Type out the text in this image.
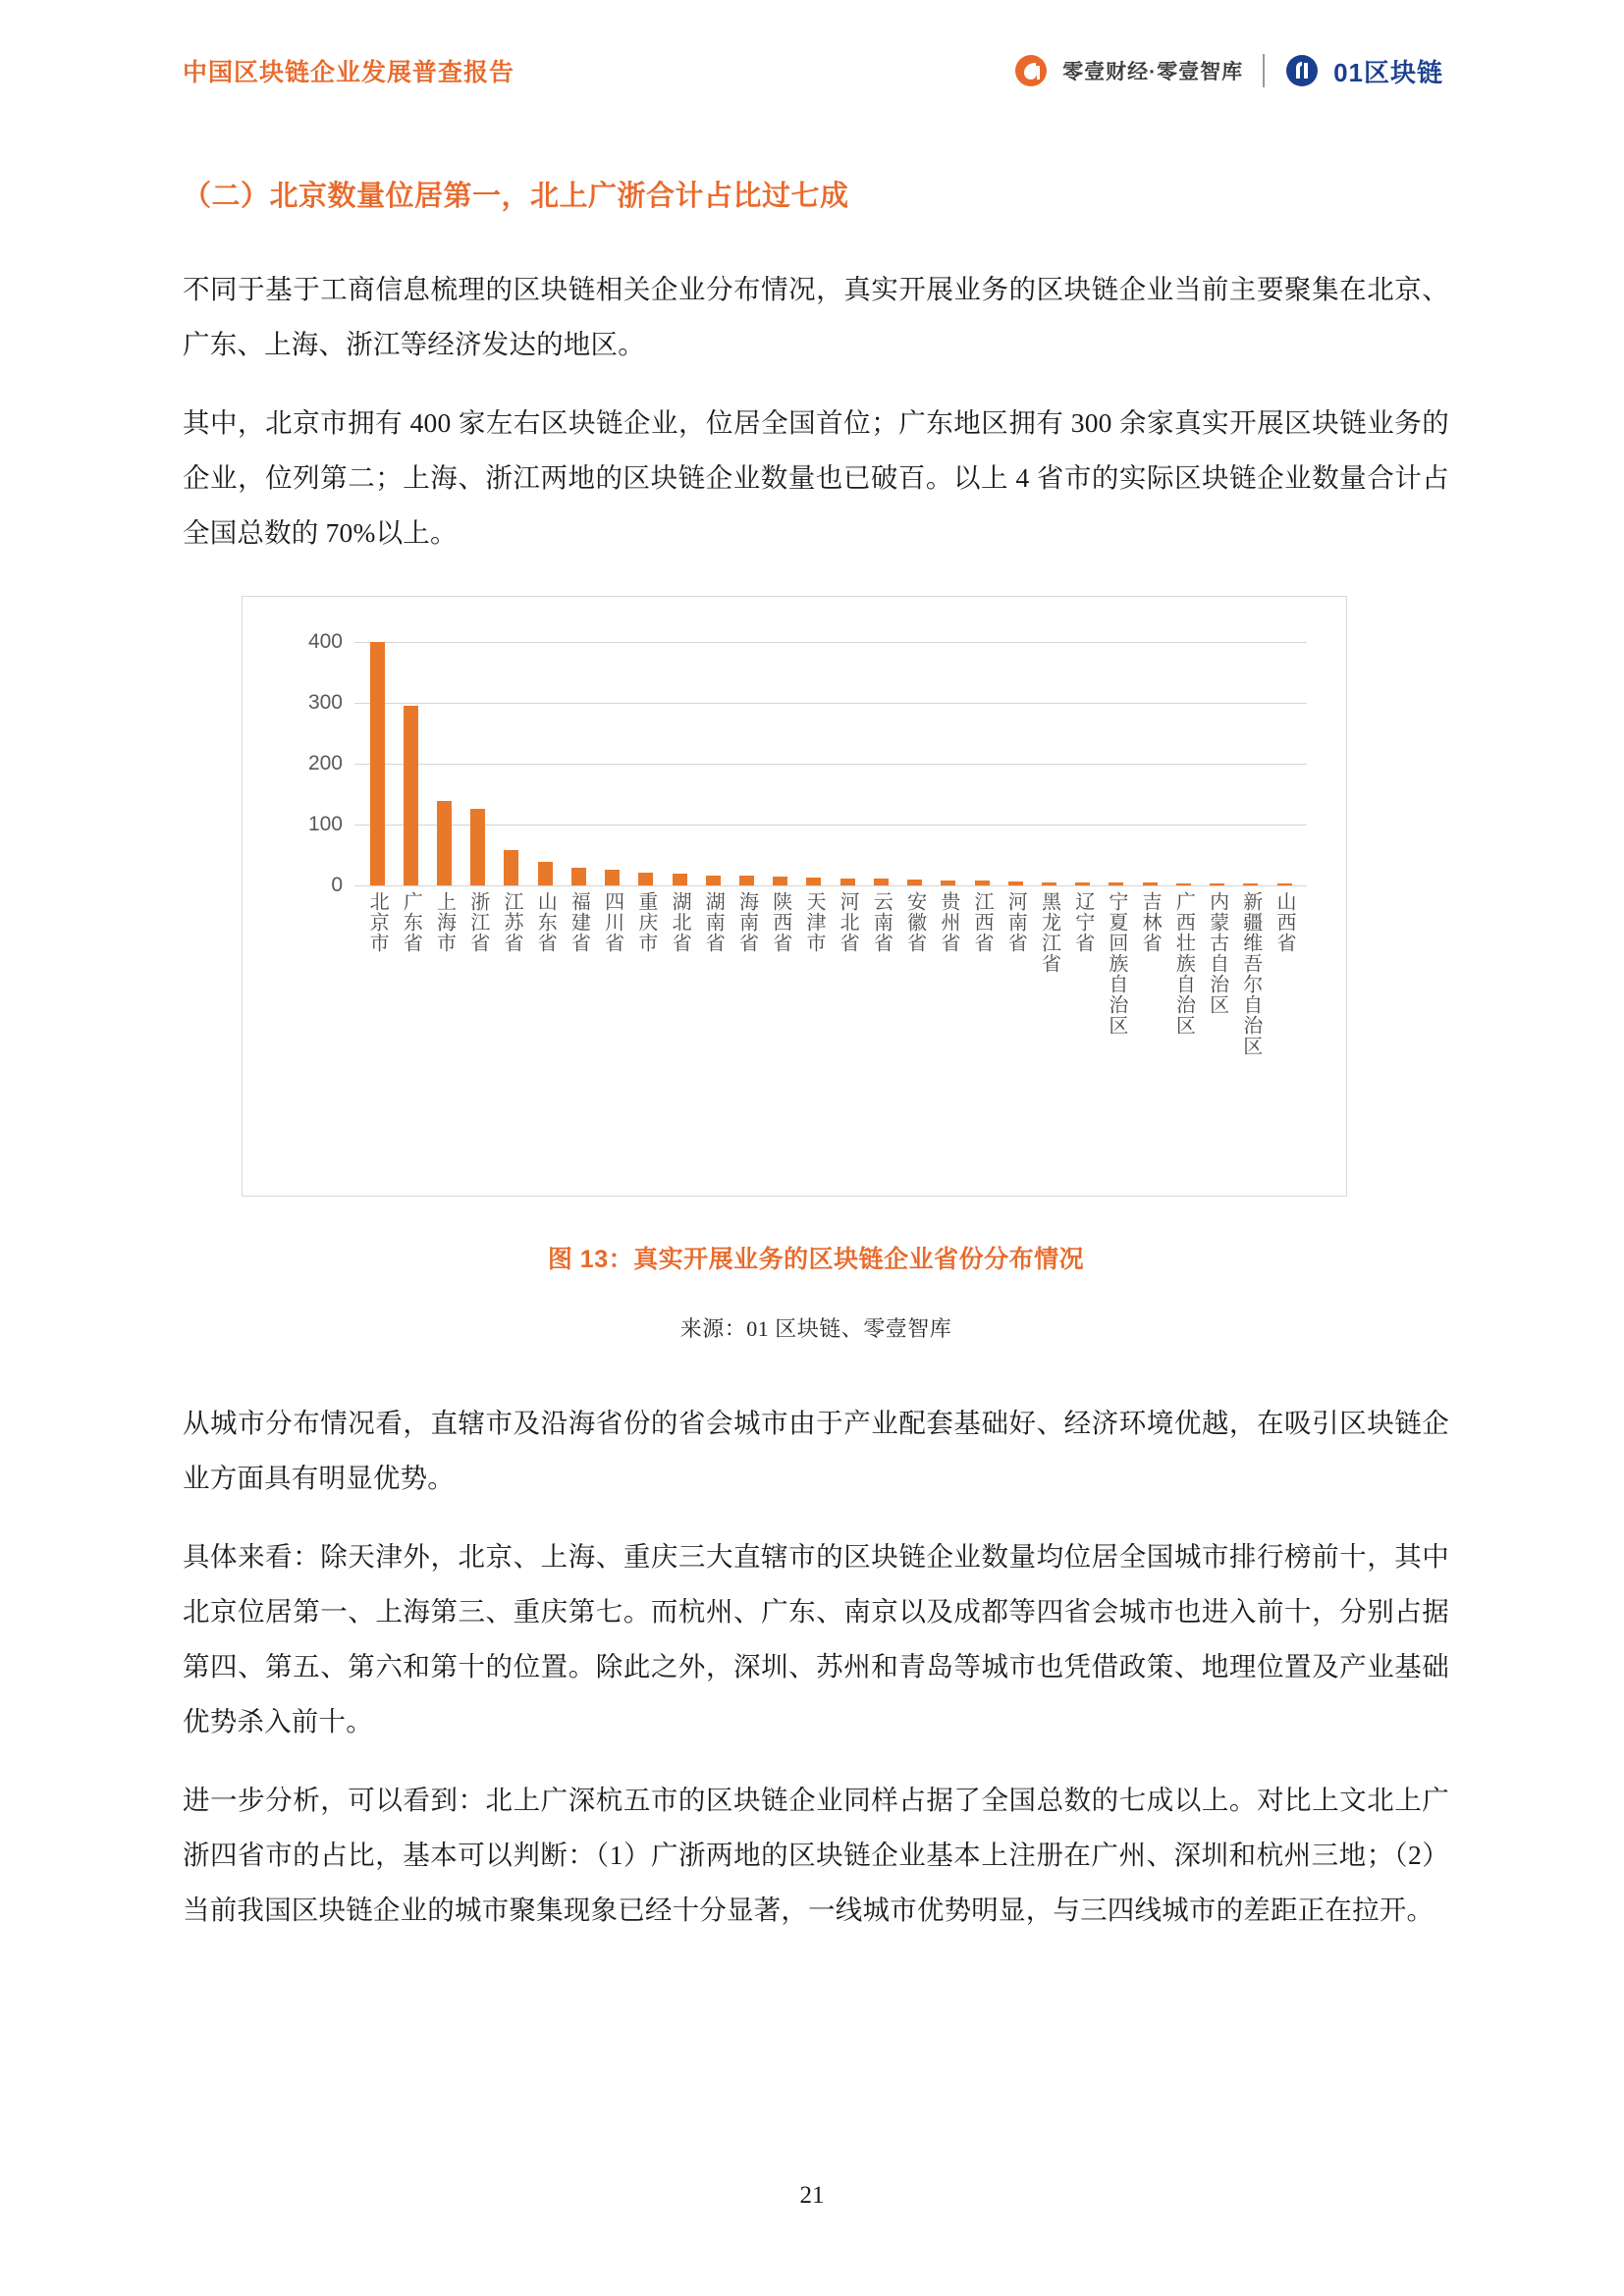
中国区块链企业发展普查报告	零壹财经·零壹智库	01区块链
（二）北京数量位居第一，北上广浙合计占比过七成

不同于基于工商信息梳理的区块链相关企业分布情况，真实开展业务的区块链企业当前主要聚集在北京、广东、上海、浙江等经济发达的地区。

其中，北京市拥有 400 家左右区块链企业，位居全国首位；广东地区拥有 300 余家真实开展区块链业务的企业，位列第二；上海、浙江两地的区块链企业数量也已破百。以上 4 省市的实际区块链企业数量合计占全国总数的 70%以上。

0
100
200
300
400
北京市 广东省 上海市 浙江省 江苏省 山东省 福建省 四川省 重庆市 湖北省 湖南省 海南省 陕西省 天津市 河北省 云南省 安徽省 贵州省 江西省 河南省 黑龙江省 辽宁省 宁夏回族自治区 吉林省 广西壮族自治区 内蒙古自治区 新疆维吾尔自治区 山西省
图 13：真实开展业务的区块链企业省份分布情况
来源：01 区块链、零壹智库

从城市分布情况看，直辖市及沿海省份的省会城市由于产业配套基础好、经济环境优越，在吸引区块链企业方面具有明显优势。

具体来看：除天津外，北京、上海、重庆三大直辖市的区块链企业数量均位居全国城市排行榜前十，其中北京位居第一、上海第三、重庆第七。而杭州、广东、南京以及成都等四省会城市也进入前十，分别占据第四、第五、第六和第十的位置。除此之外，深圳、苏州和青岛等城市也凭借政策、地理位置及产业基础优势杀入前十。

进一步分析，可以看到：北上广深杭五市的区块链企业同样占据了全国总数的七成以上。对比上文北上广浙四省市的占比，基本可以判断：（1）广浙两地的区块链企业基本上注册在广州、深圳和杭州三地；（2）当前我国区块链企业的城市聚集现象已经十分显著，一线城市优势明显，与三四线城市的差距正在拉开。

21
